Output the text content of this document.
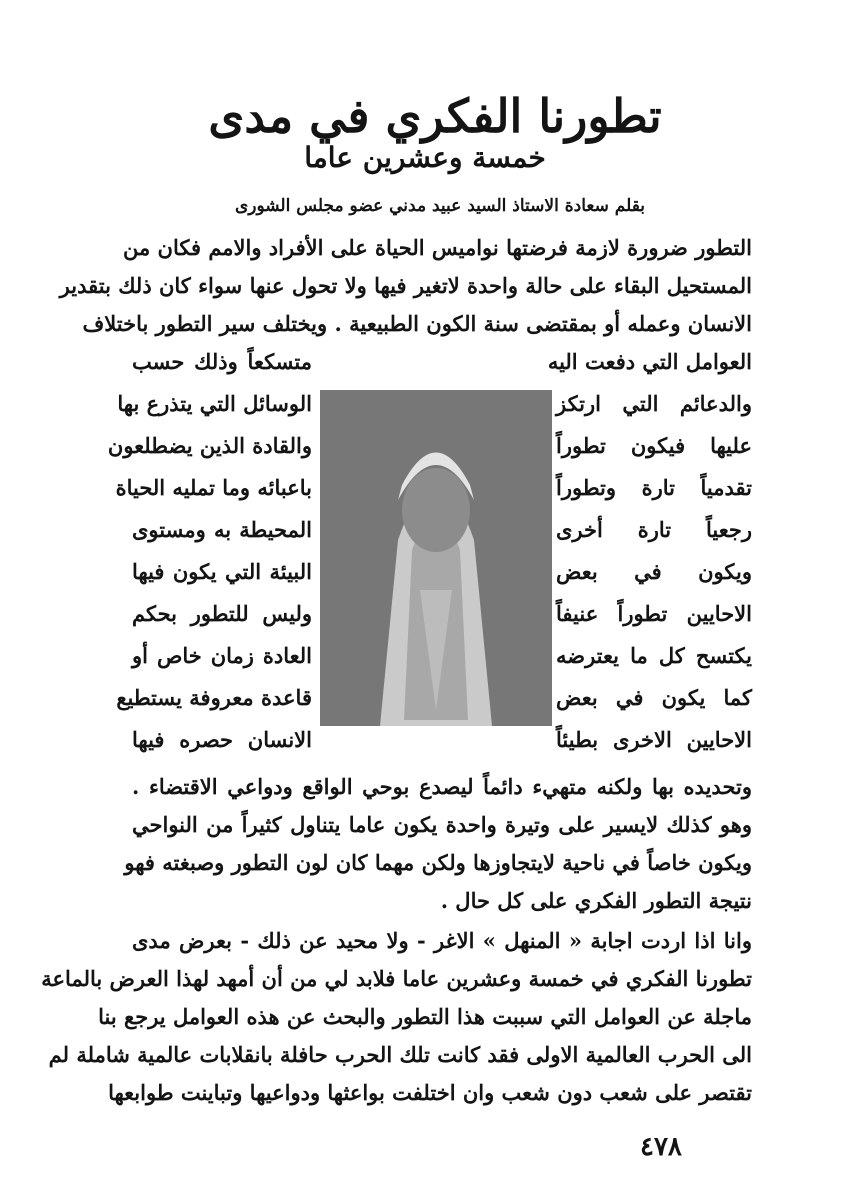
تطورنا الفكري في مدى
خمسة وعشرين عاما
بقلم سعادة الاستاذ السيد عبيد مدني عضو مجلس الشورى
التطور ضرورة لازمة فرضتها نواميس الحياة على الأفراد والامم فكان من
المستحيل البقاء على حالة واحدة لاتغير فيها ولا تحول عنها سواء كان ذلك بتقدير
الانسان وعمله أو بمقتضى سنة الكون الطبيعية . ويختلف سير التطور باختلاف
العوامل التي دفعت اليه
والدعائم التي ارتكز
عليها فيكون تطوراً
تقدمياً تارة وتطوراً
رجعياً تارة أخرى
ويكون في بعض
الاحايين تطوراً عنيفاً
يكتسح كل ما يعترضه
كما يكون في بعض
الاحايين الاخرى بطيئاً
متسكعاً وذلك حسب
الوسائل التي يتذرع بها
والقادة الذين يضطلعون
باعبائه وما تمليه الحياة
المحيطة به ومستوى
البيئة التي يكون فيها
وليس للتطور بحكم
العادة زمان خاص أو
قاعدة معروفة يستطيع
الانسان حصره فيها
وتحديده بها ولكنه متهيء دائماً ليصدع بوحي الواقع ودواعي الاقتضاء .
وهو كذلك لايسير على وتيرة واحدة يكون عاما يتناول كثيراً من النواحي
ويكون خاصاً في ناحية لايتجاوزها ولكن مهما كان لون التطور وصبغته فهو
نتيجة التطور الفكري على كل حال .
وانا اذا اردت اجابة « المنهل » الاغر - ولا محيد عن ذلك - بعرض مدى
تطورنا الفكري في خمسة وعشرين عاما فلابد لي من أن أمهد لهذا العرض بالماعة
ماجلة عن العوامل التي سببت هذا التطور والبحث عن هذه العوامل يرجع بنا
الى الحرب العالمية الاولى فقد كانت تلك الحرب حافلة بانقلابات عالمية شاملة لم
تقتصر على شعب دون شعب وان اختلفت بواعثها ودواعيها وتباينت طوابعها
٤٧٨
